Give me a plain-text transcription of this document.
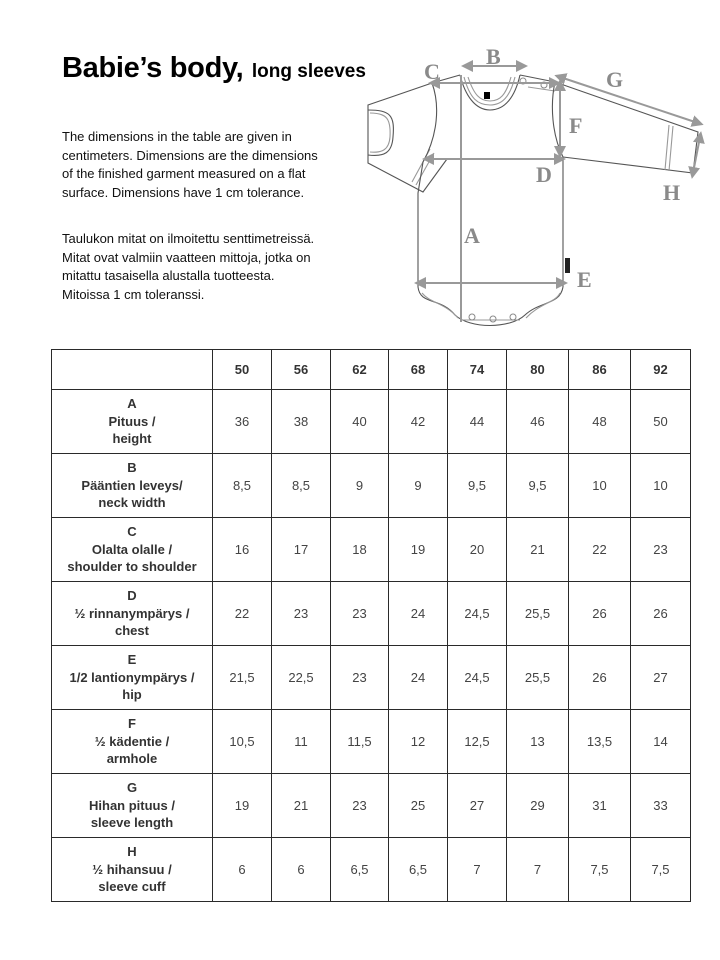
Babie’s body, long sleeves
The dimensions in the table are given in centimeters. Dimensions are the dimensions of the finished garment measured on a flat surface. Dimensions have 1 cm tolerance.
Taulukon mitat on ilmoitettu senttimetreissä. Mitat ovat valmiin vaatteen mittoja, jotka on mitattu tasaisella alustalla tuotteesta. Mitoissa 1 cm toleranssi.
B
C	G
F
D
H
A
E
	50	56	62	68	74	80	86	92

A
Pituus /
height	36	38	40	42	44	46	48	50

B
Pääntien leveys/
neck width	8,5	8,5	9	9	9,5	9,5	10	10

C
Olalta olalle /
shoulder to shoulder	16	17	18	19	20	21	22	23

D
½ rinnanympärys /
chest	22	23	23	24	24,5	25,5	26	26

E
1/2 lantionympärys /
hip	21,5	22,5	23	24	24,5	25,5	26	27

F
½ kädentie /
armhole	10,5	11	11,5	12	12,5	13	13,5	14

G
Hihan pituus /
sleeve length	19	21	23	25	27	29	31	33

H
½ hihansuu /
sleeve cuff	6	6	6,5	6,5	7	7	7,5	7,5
